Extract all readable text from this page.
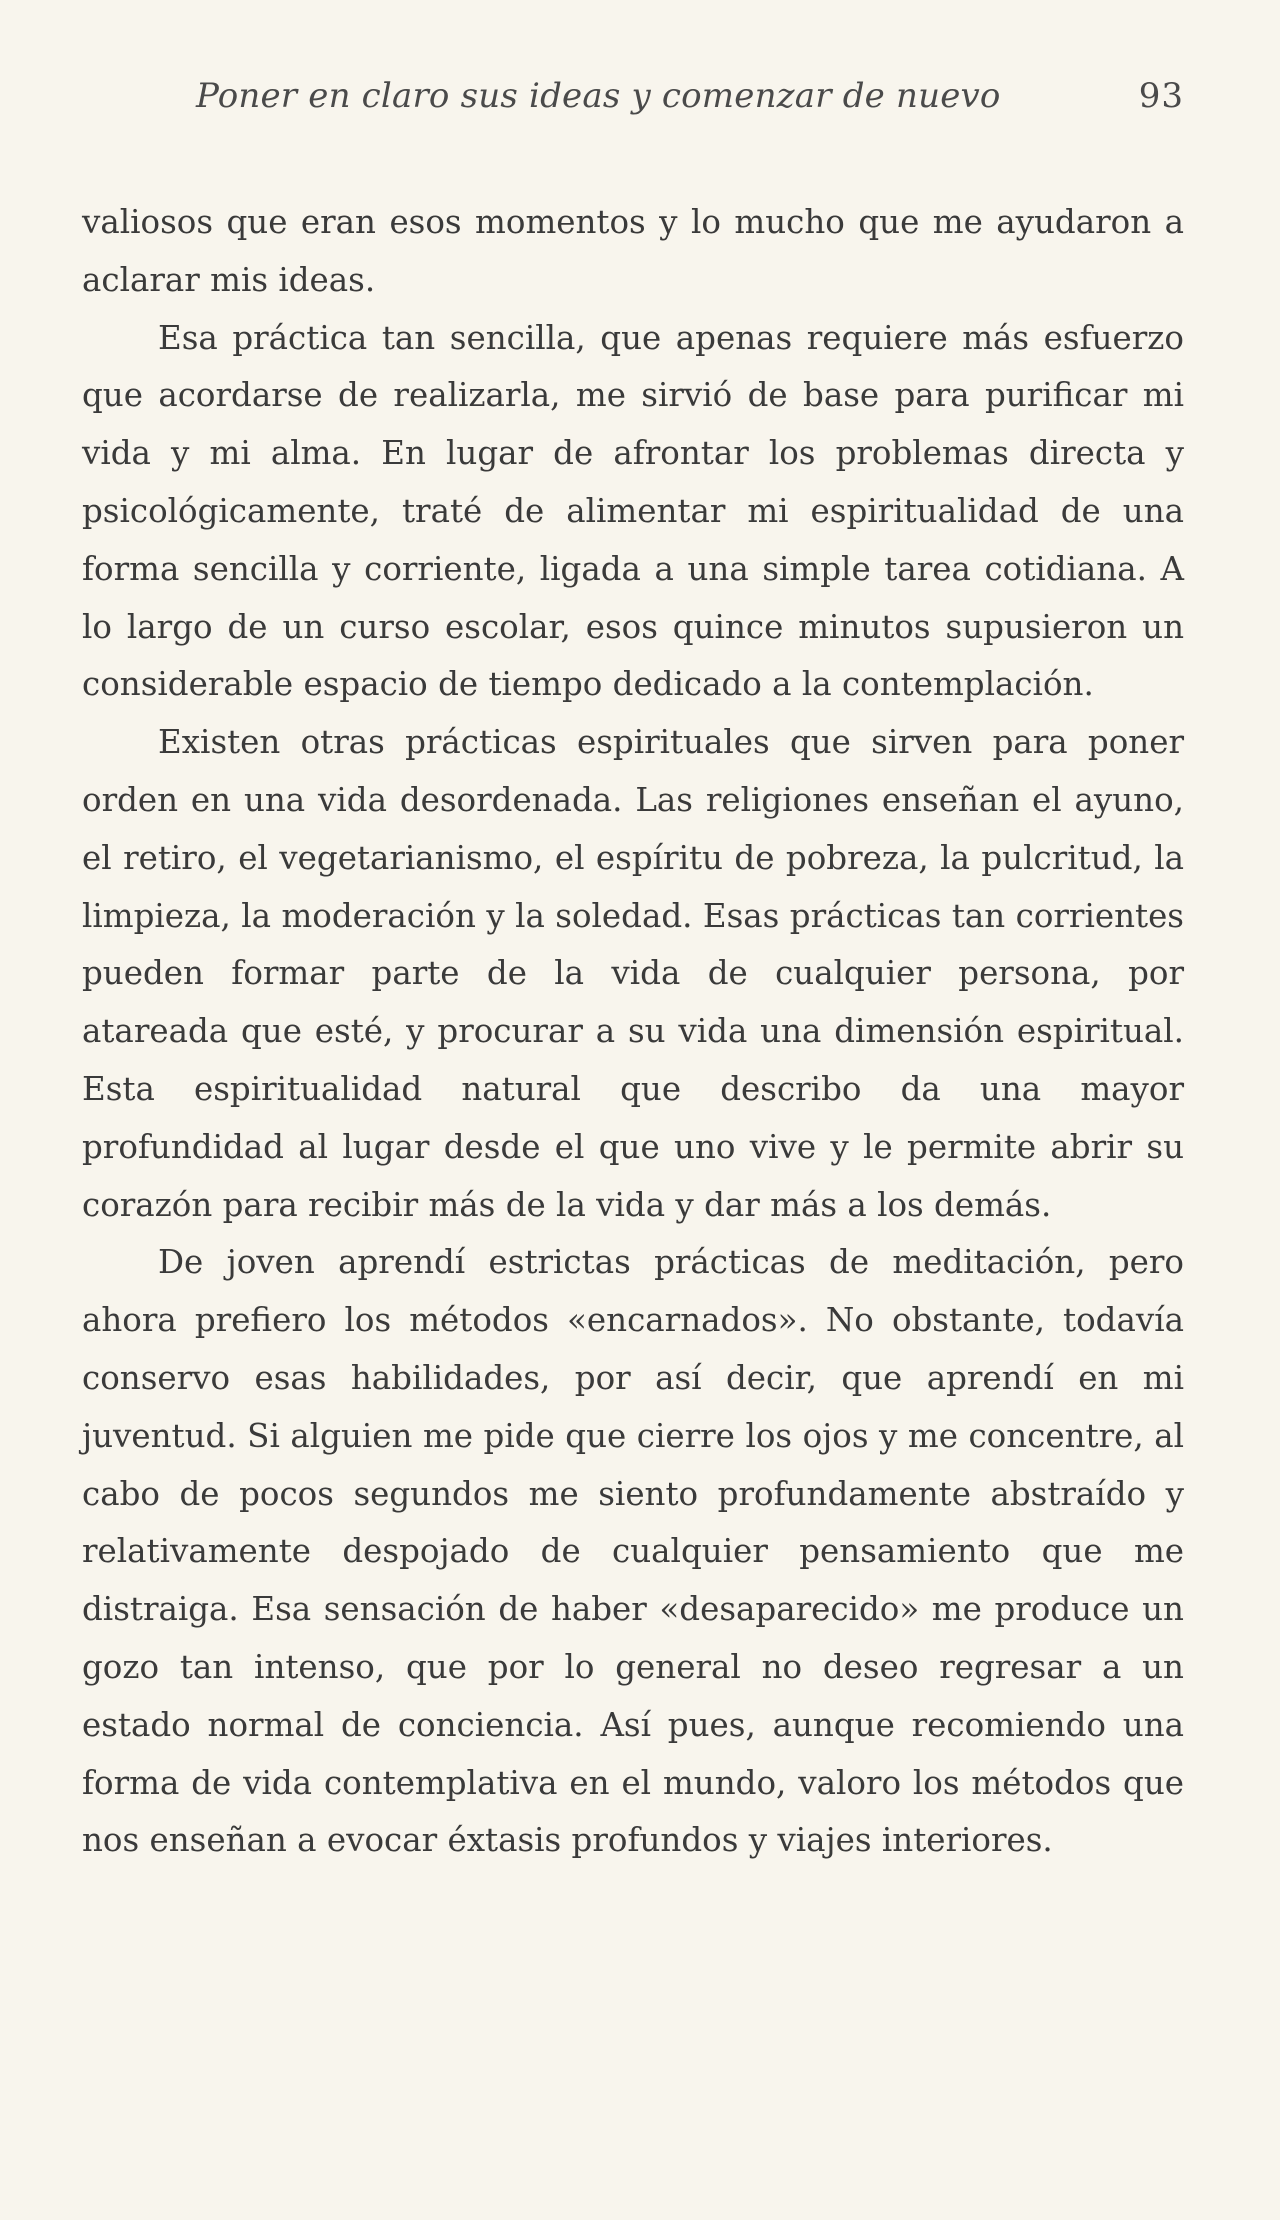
Poner en claro sus ideas y comenzar de nuevo	93

valiosos que eran esos momentos y lo mucho que me ayudaron a aclarar mis ideas.

Esa práctica tan sencilla, que apenas requiere más esfuerzo que acordarse de realizarla, me sirvió de base para purificar mi vida y mi alma. En lugar de afrontar los problemas directa y psicológicamente, traté de alimentar mi espiritualidad de una forma sencilla y corriente, ligada a una simple tarea cotidiana. A lo largo de un curso escolar, esos quince minutos supusieron un considerable espacio de tiempo dedicado a la contemplación.

Existen otras prácticas espirituales que sirven para poner orden en una vida desordenada. Las religiones enseñan el ayuno, el retiro, el vegetarianismo, el espíritu de pobreza, la pulcritud, la limpieza, la moderación y la soledad. Esas prácticas tan corrientes pueden formar parte de la vida de cualquier persona, por atareada que esté, y procurar a su vida una dimensión espiritual. Esta espiritualidad natural que describo da una mayor profundidad al lugar desde el que uno vive y le permite abrir su corazón para recibir más de la vida y dar más a los demás.

De joven aprendí estrictas prácticas de meditación, pero ahora prefiero los métodos «encarnados». No obstante, todavía conservo esas habilidades, por así decir, que aprendí en mi juventud. Si alguien me pide que cierre los ojos y me concentre, al cabo de pocos segundos me siento profundamente abstraído y relativamente despojado de cualquier pensamiento que me distraiga. Esa sensación de haber «desaparecido» me produce un gozo tan intenso, que por lo general no deseo regresar a un estado normal de conciencia. Así pues, aunque recomiendo una forma de vida contemplativa en el mundo, valoro los métodos que nos enseñan a evocar éxtasis profundos y viajes interiores.
